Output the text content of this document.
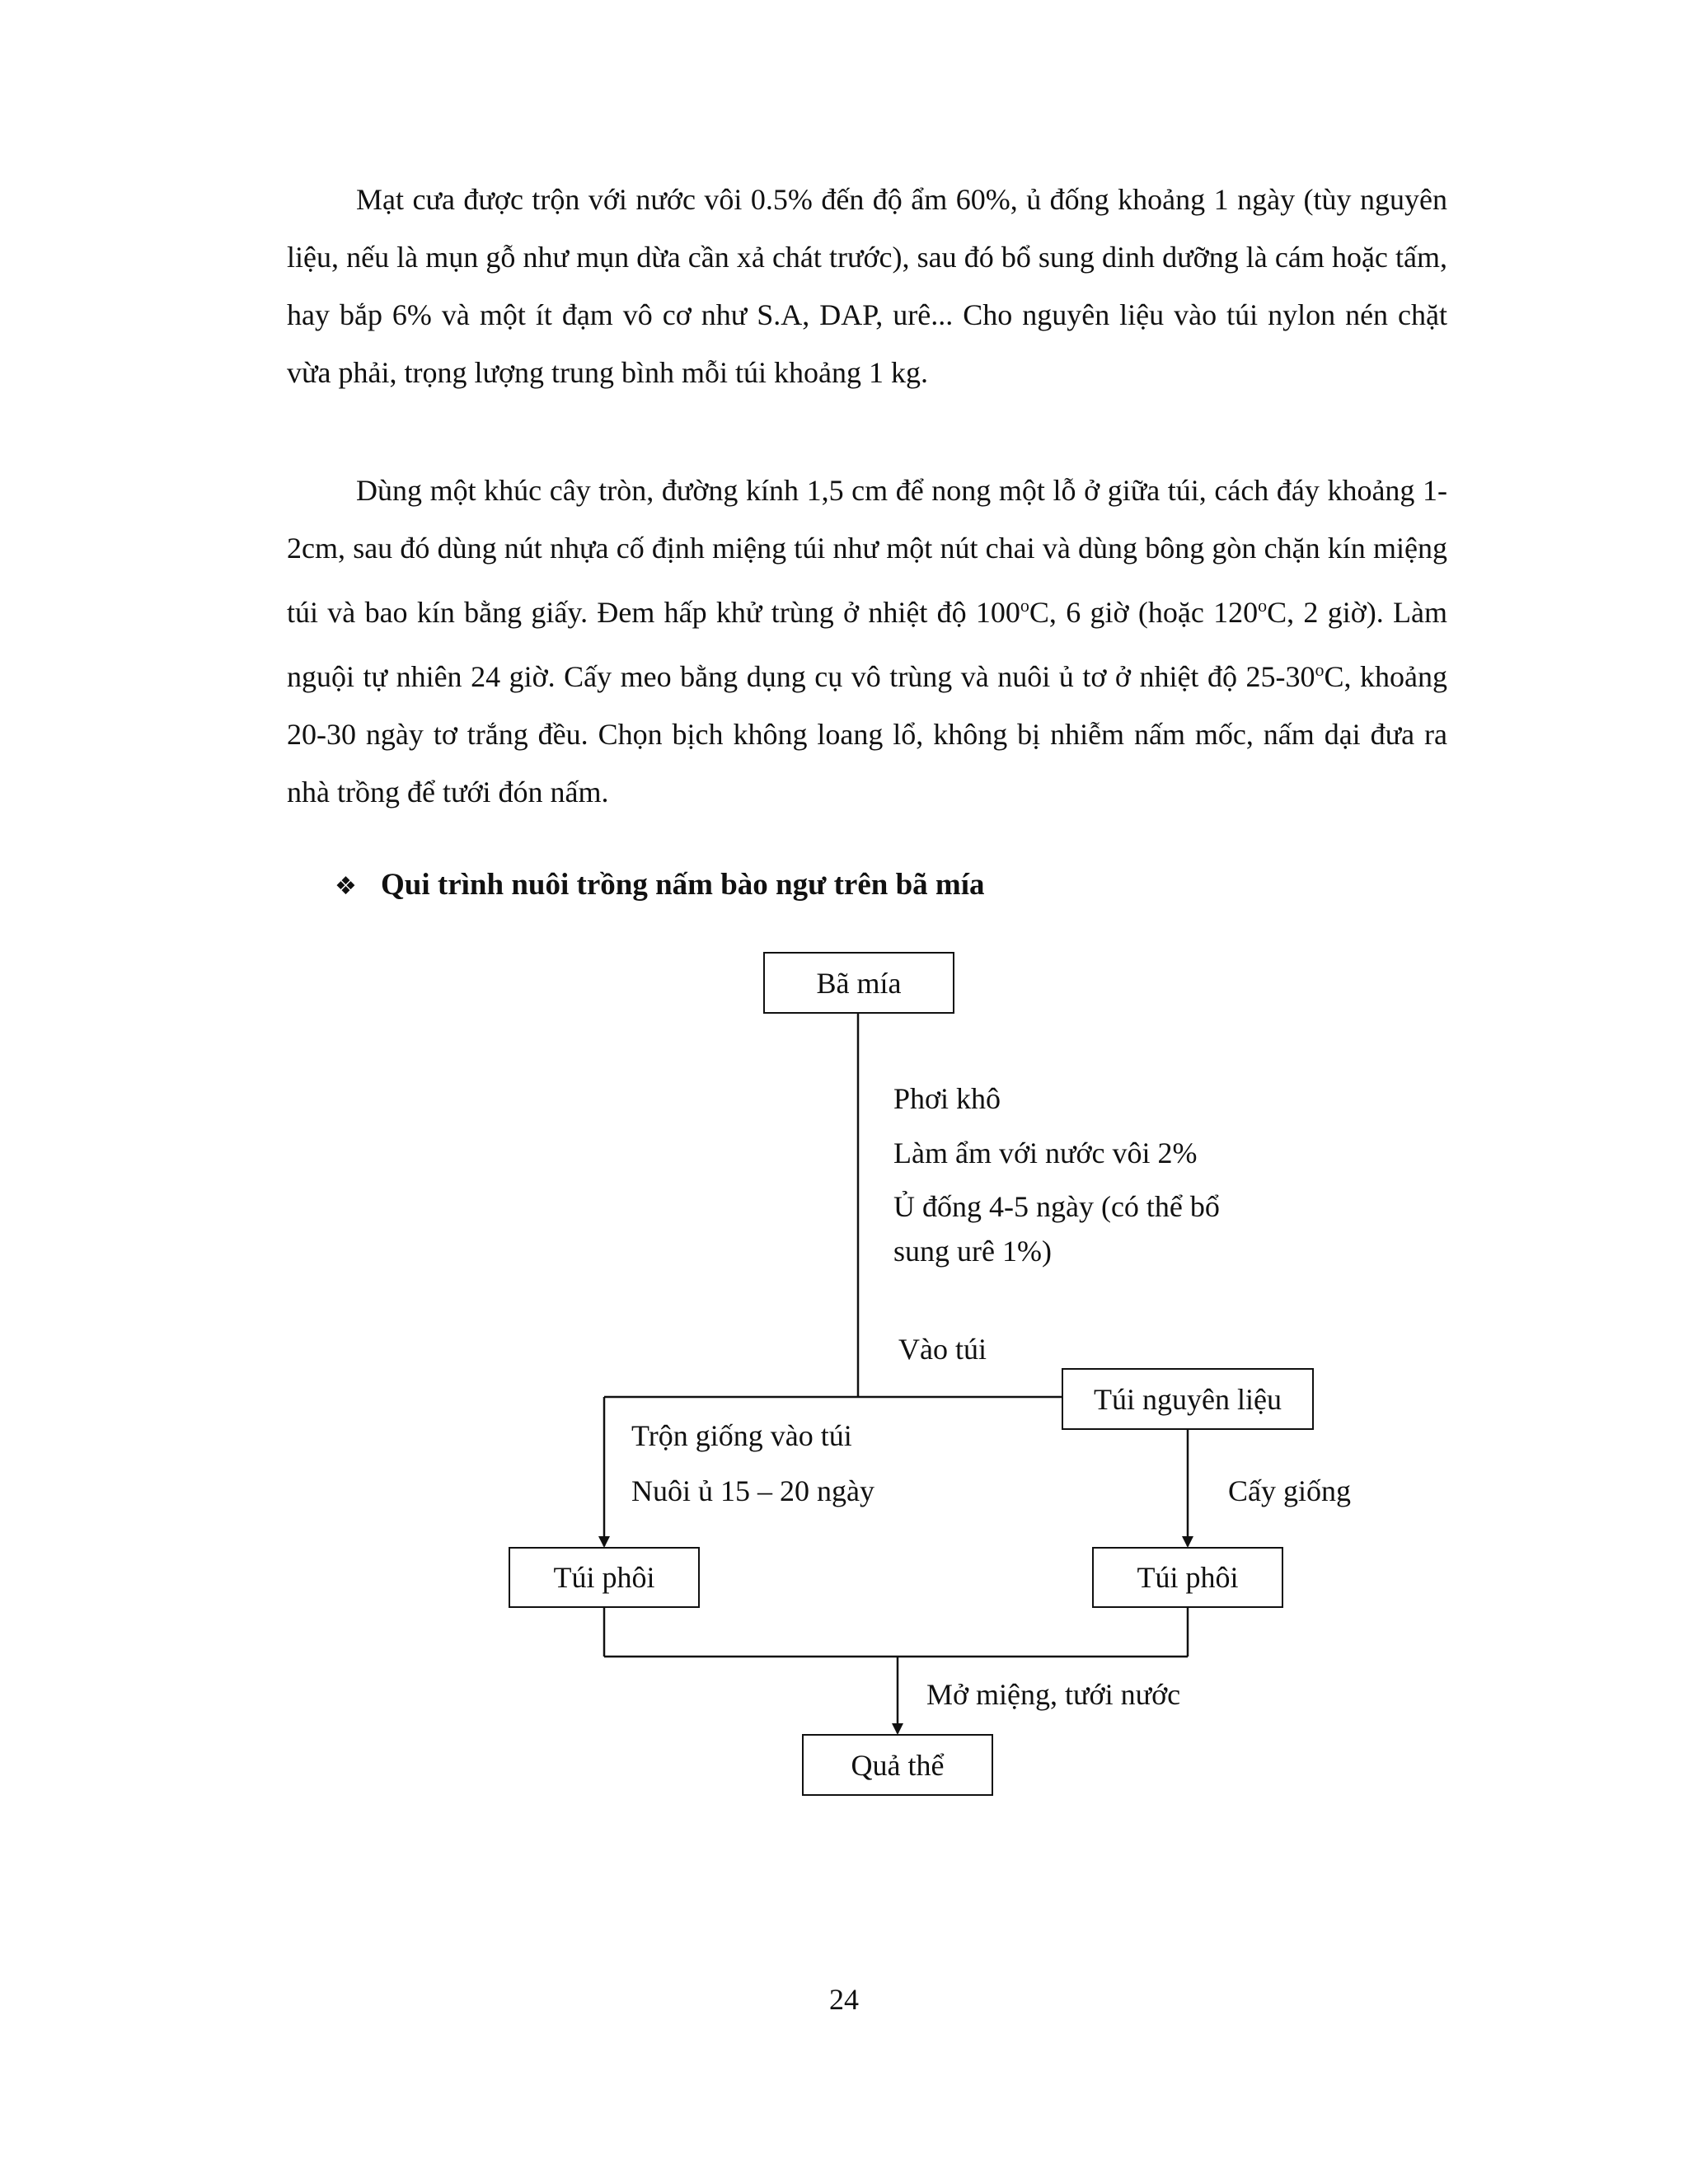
Mạt cưa được trộn với nước vôi 0.5% đến độ ẩm 60%, ủ đống khoảng 1 ngày (tùy nguyên liệu, nếu là mụn gỗ như mụn dừa cần xả chát trước), sau đó bổ sung dinh dưỡng là cám hoặc tấm, hay bắp 6% và một ít đạm vô cơ như S.A, DAP, urê... Cho nguyên liệu vào túi nylon nén chặt vừa phải, trọng lượng trung bình mỗi túi khoảng 1 kg.

Dùng một khúc cây tròn, đường kính 1,5 cm để nong một lỗ ở giữa túi, cách đáy khoảng 1-2cm, sau đó dùng nút nhựa cố định miệng túi như một nút chai và dùng bông gòn chặn kín miệng túi và bao kín bằng giấy. Đem hấp khử trùng ở nhiệt độ 100$^o$C, 6 giờ (hoặc 120$^o$C, 2 giờ). Làm nguội tự nhiên 24 giờ. Cấy meo bằng dụng cụ vô trùng và nuôi ủ tơ ở nhiệt độ 25-30$^o$C, khoảng 20-30 ngày tơ trắng đều. Chọn bịch không loang lổ, không bị nhiễm nấm mốc, nấm dại đưa ra nhà trồng để tưới đón nấm.

❖ Qui trình nuôi trồng nấm bào ngư trên bã mía
Bã mía
Túi nguyên liệu
Túi phôi	Túi phôi
Quả thể
Phơi khô
Làm ẩm với nước vôi 2%
Ủ đống 4-5 ngày (có thể bổ
sung urê 1%)
Vào túi
Trộn giống vào túi
Nuôi ủ 15 – 20 ngày	Cấy giống
Mở miệng, tưới nước
24
